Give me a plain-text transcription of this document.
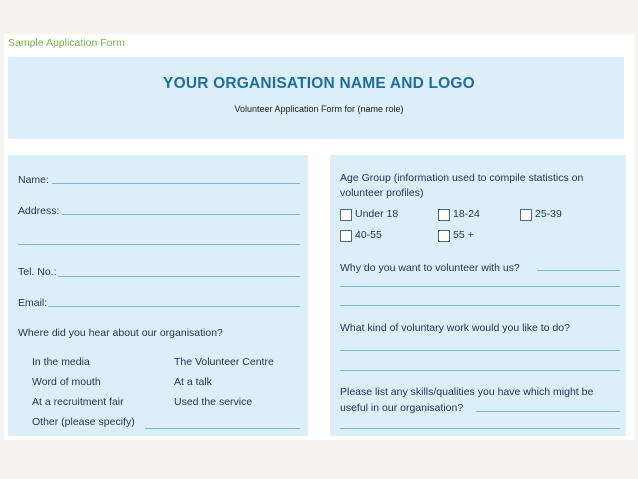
Sample Application Form
YOUR ORGANISATION NAME AND LOGO
Volunteer Application Form for (name role)
Name:
Address:
Tel. No.:
Email:
Where did you hear about our organisation?
In the media	The Volunteer Centre
Word of mouth	At a talk
At a recruitment fair	Used the service
Other (please specify)
Age Group (information used to compile statistics on
volunteer profiles)
Under 18	18-24	25-39
40-55	55 +
Why do you want to volunteer with us?
What kind of voluntary work would you like to do?
Please list any skills/qualities you have which might be
useful in our organisation?
